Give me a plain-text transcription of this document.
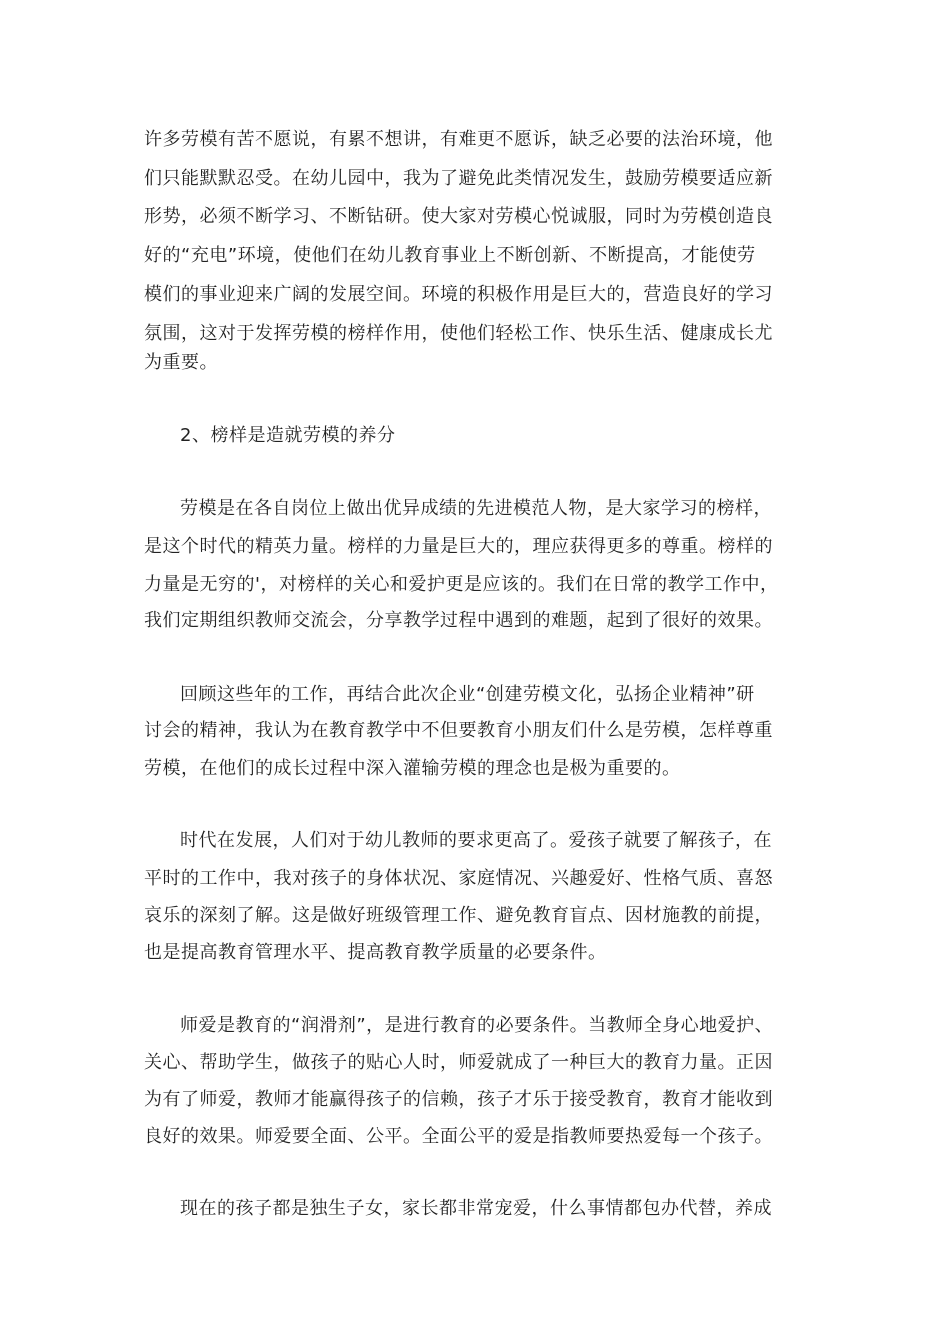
许多劳模有苦不愿说，有累不想讲，有难更不愿诉，缺乏必要的法治环境，他
们只能默默忍受。在幼儿园中，我为了避免此类情况发生，鼓励劳模要适应新
形势，必须不断学习、不断钻研。使大家对劳模心悦诚服，同时为劳模创造良
好的“充电”环境，使他们在幼儿教育事业上不断创新、不断提高，才能使劳
模们的事业迎来广阔的发展空间。环境的积极作用是巨大的，营造良好的学习
氛围，这对于发挥劳模的榜样作用，使他们轻松工作、快乐生活、健康成长尤
为重要。
2、榜样是造就劳模的养分
劳模是在各自岗位上做出优异成绩的先进模范人物，是大家学习的榜样，
是这个时代的精英力量。榜样的力量是巨大的，理应获得更多的尊重。榜样的
力量是无穷的'，对榜样的关心和爱护更是应该的。我们在日常的教学工作中，
我们定期组织教师交流会，分享教学过程中遇到的难题，起到了很好的效果。
回顾这些年的工作，再结合此次企业“创建劳模文化，弘扬企业精神”研
讨会的精神，我认为在教育教学中不但要教育小朋友们什么是劳模，怎样尊重
劳模，在他们的成长过程中深入灌输劳模的理念也是极为重要的。
时代在发展，人们对于幼儿教师的要求更高了。爱孩子就要了解孩子，在
平时的工作中，我对孩子的身体状况、家庭情况、兴趣爱好、性格气质、喜怒
哀乐的深刻了解。这是做好班级管理工作、避免教育盲点、因材施教的前提，
也是提高教育管理水平、提高教育教学质量的必要条件。
师爱是教育的“润滑剂”，是进行教育的必要条件。当教师全身心地爱护、
关心、帮助学生，做孩子的贴心人时，师爱就成了一种巨大的教育力量。正因
为有了师爱，教师才能赢得孩子的信赖，孩子才乐于接受教育，教育才能收到
良好的效果。师爱要全面、公平。全面公平的爱是指教师要热爱每一个孩子。
现在的孩子都是独生子女，家长都非常宠爱，什么事情都包办代替，养成
